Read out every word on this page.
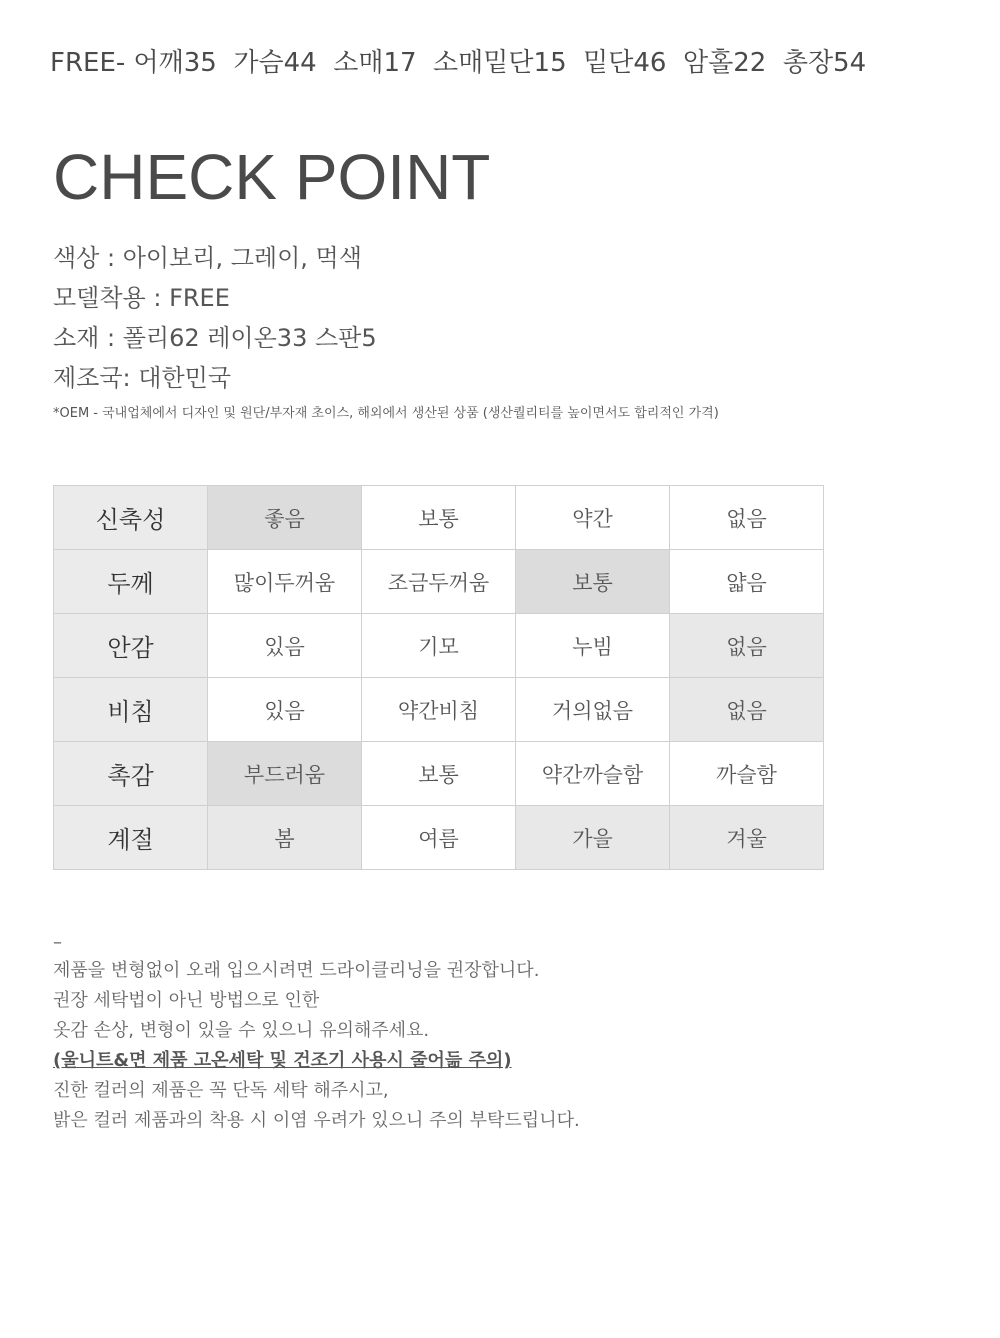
FREE- 어깨35  가슴44  소매17  소매밑단15  밑단46  암홀22  총장54
CHECK POINT
색상 : 아이보리, 그레이, 먹색
모델착용 : FREE
소재 : 폴리62 레이온33 스판5
제조국: 대한민국
*OEM - 국내업체에서 디자인 및 원단/부자재 초이스, 해외에서 생산된 상품 (생산퀄리티를 높이면서도 합리적인 가격)
신축성	좋음	보통	약간	없음
두께	많이두꺼움	조금두꺼움	보통	얇음
안감	있음	기모	누빔	없음
비침	있음	약간비침	거의없음	없음
촉감	부드러움	보통	약간까슬함	까슬함
계절	봄	여름	가을	겨울
–
제품을 변형없이 오래 입으시려면 드라이클리닝을 권장합니다.
권장 세탁법이 아닌 방법으로 인한
옷감 손상, 변형이 있을 수 있으니 유의해주세요.
(울니트&면 제품 고온세탁 및 건조기 사용시 줄어듦 주의)
진한 컬러의 제품은 꼭 단독 세탁 해주시고,
밝은 컬러 제품과의 착용 시 이염 우려가 있으니 주의 부탁드립니다.
